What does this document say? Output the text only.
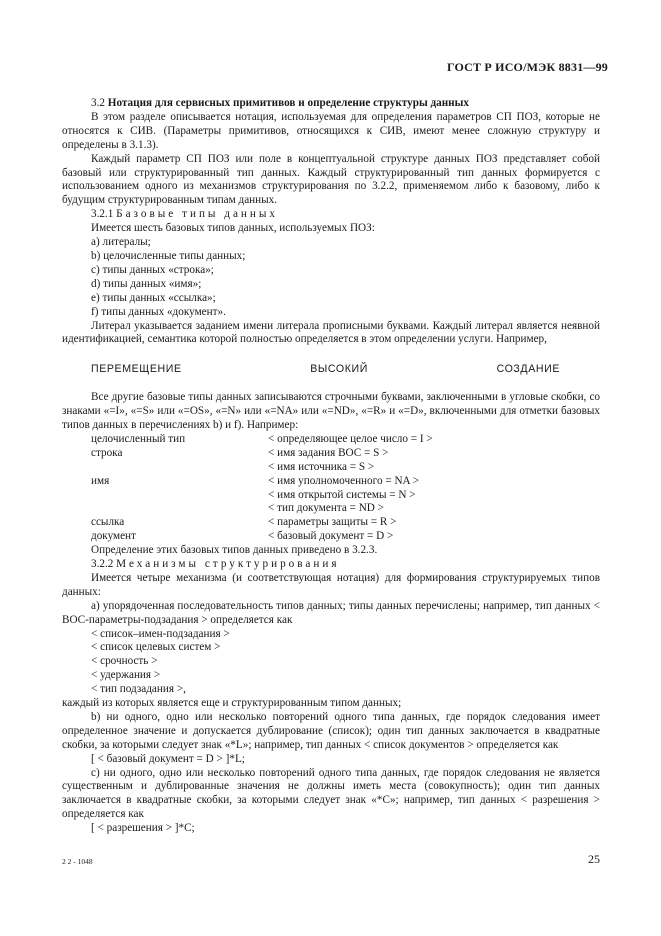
ГОСТ Р ИСО/МЭК 8831—99

3.2 Нотация для сервисных примитивов и определение структуры данных

В этом разделе описывается нотация, используемая для определения параметров СП ПОЗ, которые не относятся к СИВ. (Параметры примитивов, относящихся к СИВ, имеют менее сложную структуру и определены в 3.1.3).

Каждый параметр СП ПОЗ или поле в концептуальной структуре данных ПОЗ представляет собой базовый или структурированный тип данных. Каждый структурированный тип данных формируется с использованием одного из механизмов структурирования по 3.2.2, применяемом либо к базовому, либо к будущим структурированным типам данных.

3.2.1 Базовые типы данных

Имеется шесть базовых типов данных, используемых ПОЗ:

a) литералы;

b) целочисленные типы данных;

c) типы данных «строка»;

d) типы данных «имя»;

e) типы данных «ссылка»;

f) типы данных «документ».

Литерал указывается заданием имени литерала прописными буквами. Каждый литерал является неявной идентификацией, семантика которой полностью определяется в этом определении услуги. Например,

ПЕРЕМЕЩЕНИЕ	ВЫСОКИЙ	СОЗДАНИЕ

Все другие базовые типы данных записываются строчными буквами, заключенными в угловые скобки, со знаками «=I», «=S» или «=OS», «=N» или «=NA» или «=ND», «=R» и «=D», включенными для отметки базовых типов данных в перечислениях b) и f). Например:

целочисленный тип	< определяющее целое число = I >
строка	< имя задания ВОС = S >
< имя источника = S >
имя	< имя уполномоченного = NA >
< имя открытой системы = N >
< тип документа = ND >
ссылка	< параметры защиты = R >
документ	< базовый документ = D >

Определение этих базовых типов данных приведено в 3.2.3.

3.2.2 Механизмы структурирования

Имеется четыре механизма (и соответствующая нотация) для формирования структурируемых типов данных:

a) упорядоченная последовательность типов данных; типы данных перечислены; например, тип данных < ВОС-параметры-подзадания > определяется как

< список–имен-подзадания >

< список целевых систем >

< срочность >

< удержания >

< тип подзадания >,

каждый из которых является еще и структурированным типом данных;

b) ни одного, одно или несколько повторений одного типа данных, где порядок следования имеет определенное значение и допускается дублирование (список); один тип данных заключается в квадратные скобки, за которыми следует знак «*L»; например, тип данных < список документов > определяется как

[ < базовый документ = D > ]*L;

c) ни одного, одно или несколько повторений одного типа данных, где порядок следования не является существенным и дублированные значения не должны иметь места (совокупность); один тип данных заключается в квадратные скобки, за которыми следует знак «*C»; например, тип данных < разрешения > определяется как

[ < разрешения > ]*C;

2 2 - 1048	25
